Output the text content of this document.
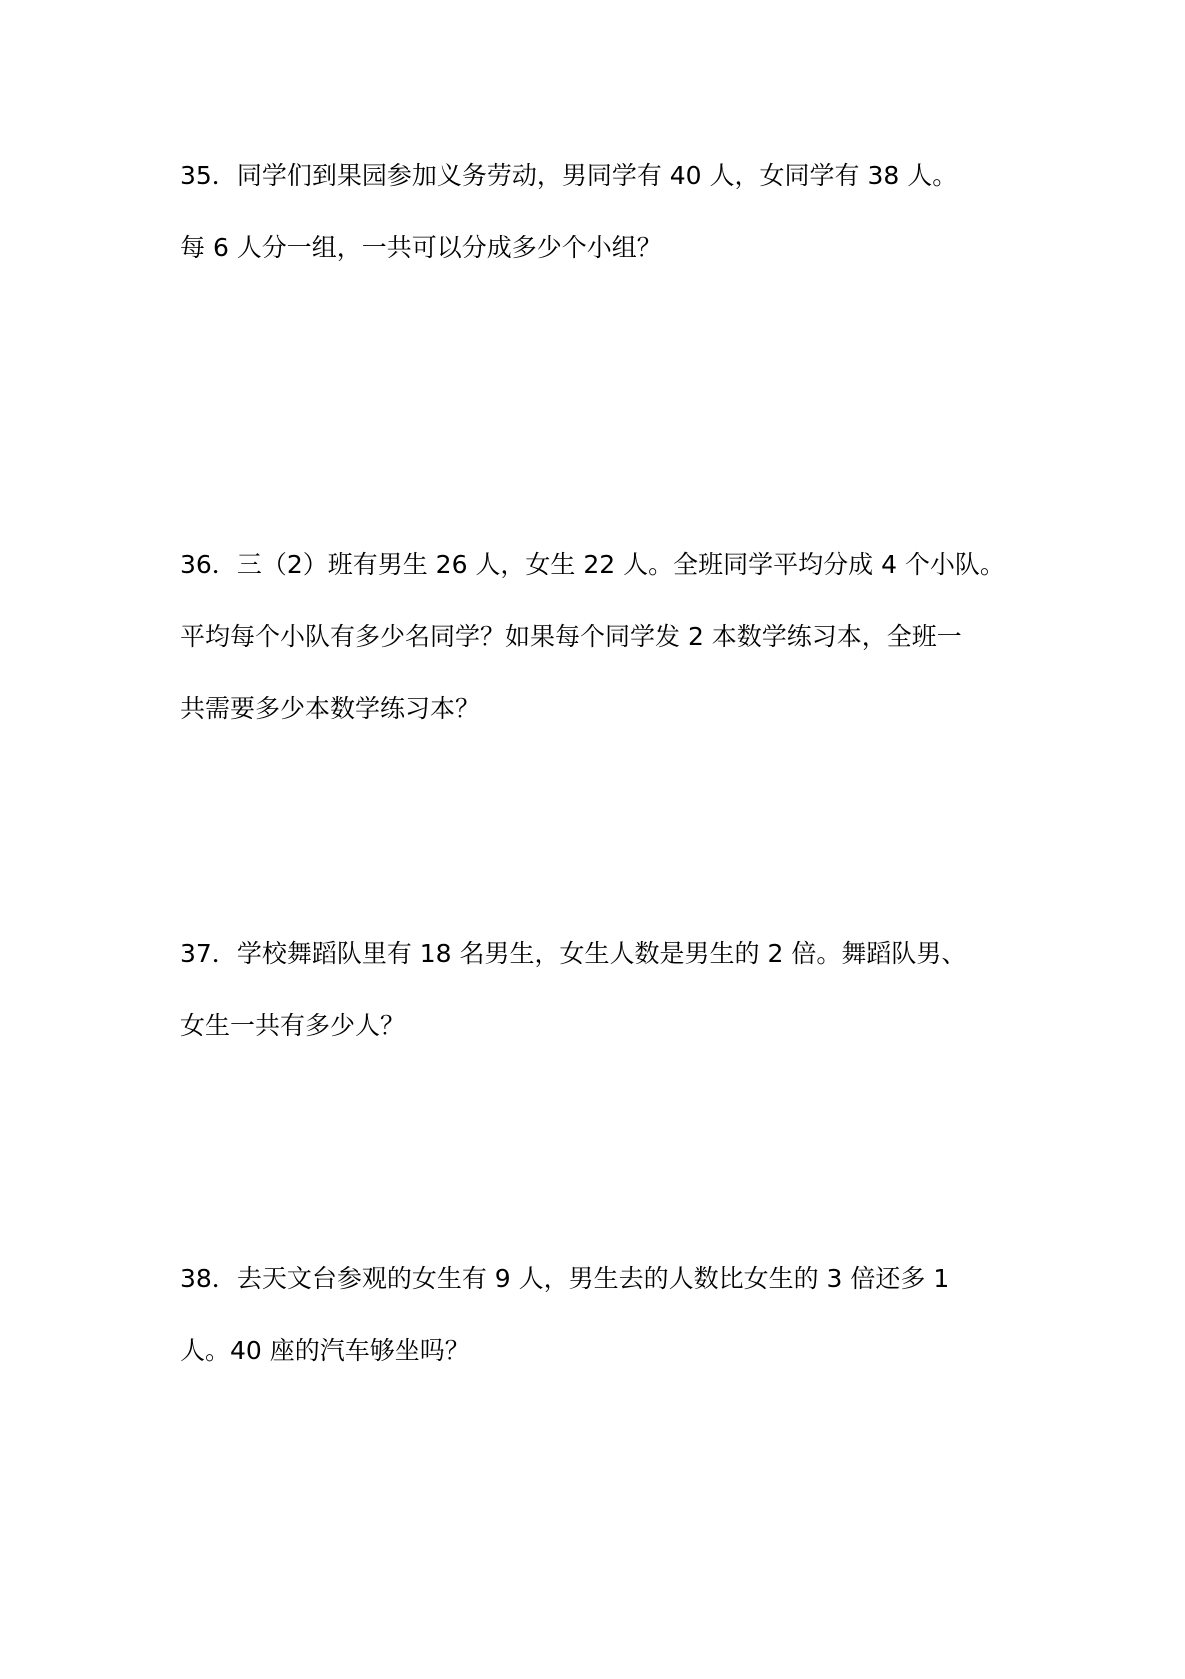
35．同学们到果园参加义务劳动，男同学有 40 人，女同学有 38 人。
每 6 人分一组，一共可以分成多少个小组？
36．三（2）班有男生 26 人，女生 22 人。全班同学平均分成 4 个小队。
平均每个小队有多少名同学？如果每个同学发 2 本数学练习本，全班一
共需要多少本数学练习本？
37．学校舞蹈队里有 18 名男生，女生人数是男生的 2 倍。舞蹈队男、
女生一共有多少人？
38．去天文台参观的女生有 9 人，男生去的人数比女生的 3 倍还多 1
人。40 座的汽车够坐吗？
